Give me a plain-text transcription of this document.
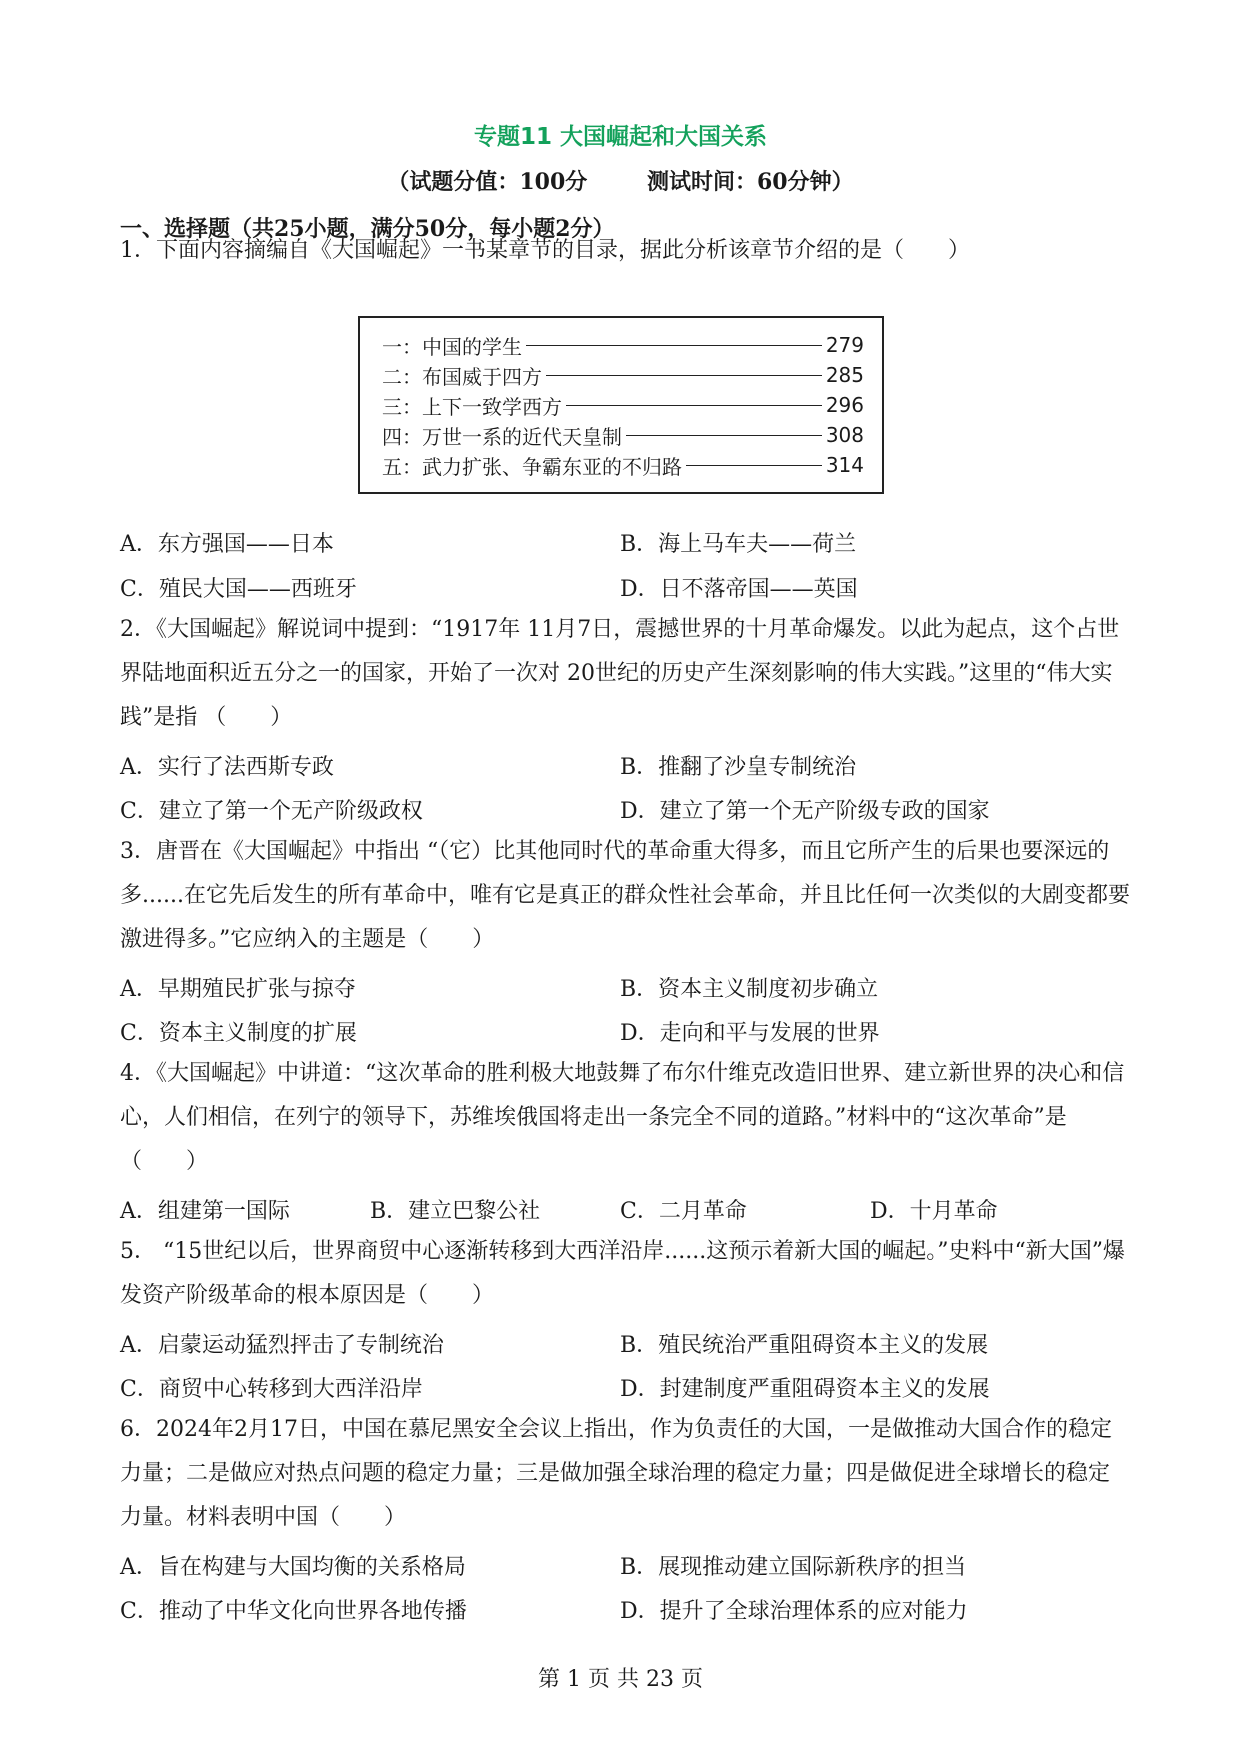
专题11 大国崛起和大国关系
（试题分值：100分	测试时间：60分钟）
一、选择题（共25小题，满分50分，每小题2分）
1．下面内容摘编自《大国崛起》一书某章节的目录，据此分析该章节介绍的是（　　）
一：中国的学生	279
二：布国威于四方	285
三：上下一致学西方	296
四：万世一系的近代天皇制	308
五：武力扩张、争霸东亚的不归路	314
A．东方强国——日本	B．海上马车夫——荷兰
C．殖民大国——西班牙	D．日不落帝国——英国
2．《大国崛起》解说词中提到：“1917年 11月7日，震撼世界的十月革命爆发。以此为起点，这个占世界陆地面积近五分之一的国家，开始了一次对 20世纪的历史产生深刻影响的伟大实践。”这里的“伟大实践”是指 （　　）
A．实行了法西斯专政	B．推翻了沙皇专制统治
C．建立了第一个无产阶级政权	D．建立了第一个无产阶级专政的国家
3．唐晋在《大国崛起》中指出 “（它）比其他同时代的革命重大得多，而且它所产生的后果也要深远的多......在它先后发生的所有革命中，唯有它是真正的群众性社会革命，并且比任何一次类似的大剧变都要激进得多。”它应纳入的主题是（　　）
A．早期殖民扩张与掠夺	B．资本主义制度初步确立
C．资本主义制度的扩展	D．走向和平与发展的世界
4．《大国崛起》中讲道：“这次革命的胜利极大地鼓舞了布尔什维克改造旧世界、建立新世界的决心和信心，人们相信，在列宁的领导下，苏维埃俄国将走出一条完全不同的道路。”材料中的“这次革命”是（　　）
A．组建第一国际	B．建立巴黎公社	C．二月革命	D．十月革命
5． “15世纪以后，世界商贸中心逐渐转移到大西洋沿岸......这预示着新大国的崛起。”史料中“新大国”爆发资产阶级革命的根本原因是（　　）
A．启蒙运动猛烈抨击了专制统治	B．殖民统治严重阻碍资本主义的发展
C．商贸中心转移到大西洋沿岸	D．封建制度严重阻碍资本主义的发展
6．2024年2月17日，中国在慕尼黑安全会议上指出，作为负责任的大国，一是做推动大国合作的稳定力量；二是做应对热点问题的稳定力量；三是做加强全球治理的稳定力量；四是做促进全球增长的稳定力量。材料表明中国（　　）
A．旨在构建与大国均衡的关系格局	B．展现推动建立国际新秩序的担当
C．推动了中华文化向世界各地传播	D．提升了全球治理体系的应对能力
第 1 页 共 23 页
